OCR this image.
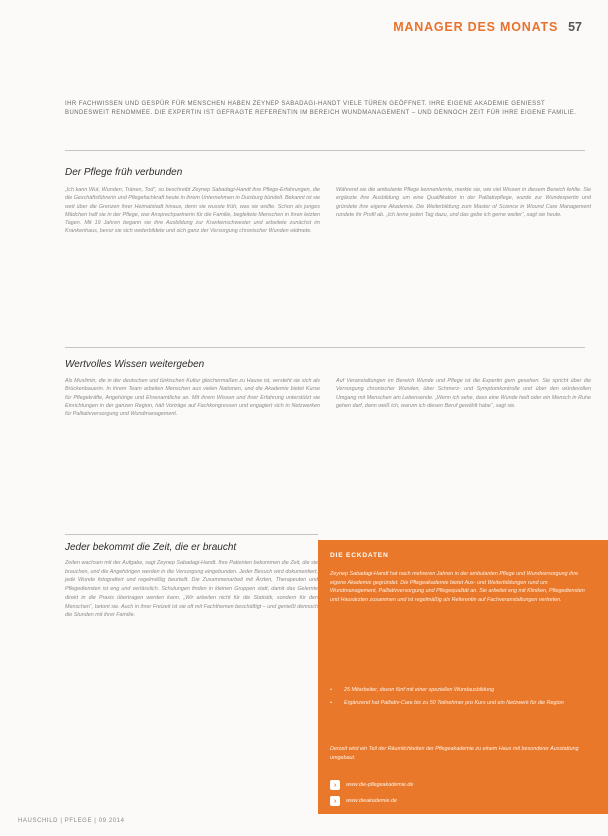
MANAGER DES MONATS 57
IHR FACHWISSEN UND GESPÜR FÜR MENSCHEN HABEN ZEYNEP SABADAGI-HANDT VIELE TÜREN GEÖFFNET. IHRE EIGENE AKADEMIE GENIESST BUNDESWEIT RENOMMEE. DIE EXPERTIN IST GEFRAGTE REFERENTIN IM BEREICH WUNDMANAGEMENT – UND DENNOCH ZEIT FÜR IHRE EIGENE FAMILIE.
Der Pflege früh verbunden
„Ich kann Wut, Wunden, Tränen, Tod“, so beschreibt Zeynep Sabadagi-Handt ihre Pflege-Erfahrungen, die die Geschäftsführerin und Pflegefachkraft heute in ihrem Unternehmen in Duisburg bündelt. Bekannt ist sie weit über die Grenzen ihrer Heimatstadt hinaus, denn sie wusste früh, was sie wollte. Schon als junges Mädchen half sie in der Pflege, war Ansprechpartnerin für die Familie, begleitete Menschen in ihren letzten Tagen. Mit 19 Jahren begann sie ihre Ausbildung zur Krankenschwester und arbeitete zunächst im Krankenhaus, bevor sie sich weiterbildete und sich ganz der Versorgung chronischer Wunden widmete.
Während sie die ambulante Pflege kennenlernte, merkte sie, wie viel Wissen in diesem Bereich fehlte. Sie ergänzte ihre Ausbildung um eine Qualifikation in der Palliativpflege, wurde zur Wundexpertin und gründete ihre eigene Akademie. Die Weiterbildung zum Master of Science in Wound Care Management rundete ihr Profil ab. „Ich lerne jeden Tag dazu, und das gebe ich gerne weiter“, sagt sie heute.
Wertvolles Wissen weitergeben
Als Muslimin, die in der deutschen und türkischen Kultur gleichermaßen zu Hause ist, versteht sie sich als Brückenbauerin. In ihrem Team arbeiten Menschen aus vielen Nationen, und die Akademie bietet Kurse für Pflegekräfte, Angehörige und Ehrenamtliche an. Mit ihrem Wissen und ihrer Erfahrung unterstützt sie Einrichtungen in der ganzen Region, hält Vorträge auf Fachkongressen und engagiert sich in Netzwerken für Palliativversorgung und Wundmanagement.
Auf Veranstaltungen im Bereich Wunde und Pflege ist die Expertin gern gesehen. Sie spricht über die Versorgung chronischer Wunden, über Schmerz- und Symptomkontrolle und über den würdevollen Umgang mit Menschen am Lebensende. „Wenn ich sehe, dass eine Wunde heilt oder ein Mensch in Ruhe gehen darf, dann weiß ich, warum ich diesen Beruf gewählt habe“, sagt sie.
Jeder bekommt die Zeit, die er braucht
Zeiten wachsen mit der Aufgabe, sagt Zeynep Sabadagi-Handt. Ihre Patienten bekommen die Zeit, die sie brauchen, und die Angehörigen werden in die Versorgung eingebunden. Jeder Besuch wird dokumentiert, jede Wunde fotografiert und regelmäßig beurteilt. Die Zusammenarbeit mit Ärzten, Therapeuten und Pflegediensten ist eng und verlässlich. Schulungen finden in kleinen Gruppen statt, damit das Gelernte direkt in die Praxis übertragen werden kann. „Wir arbeiten nicht für die Statistik, sondern für den Menschen“, betont sie. Auch in ihrer Freizeit ist sie oft mit Fachthemen beschäftigt – und genießt dennoch die Stunden mit ihrer Familie.
DIE ECKDATEN
Zeynep Sabadagi-Handt hat nach mehreren Jahren in der ambulanten Pflege und Wundversorgung ihre eigene Akademie gegründet. Die Pflegeakademie bietet Aus- und Weiterbildungen rund um Wundmanagement, Palliativversorgung und Pflegequalität an. Sie arbeitet eng mit Kliniken, Pflegediensten und Hausärzten zusammen und ist regelmäßig als Referentin auf Fachveranstaltungen vertreten.
• 25 Mitarbeiter, davon fünf mit einer speziellen Wundausbildung
• Ergänzend hat Palliativ-Care bis zu 50 Teilnehmer pro Kurs und ein Netzwerk für die Region
Derzeit wird ein Teil der Räumlichkeiten der Pflegeakademie zu einem Haus mit besonderer Ausstattung umgebaut.
›	www.die-pflegeakademie.de
›	www.dieakademie.de
HAUSCHILD | PFLEGE | 09 2014
